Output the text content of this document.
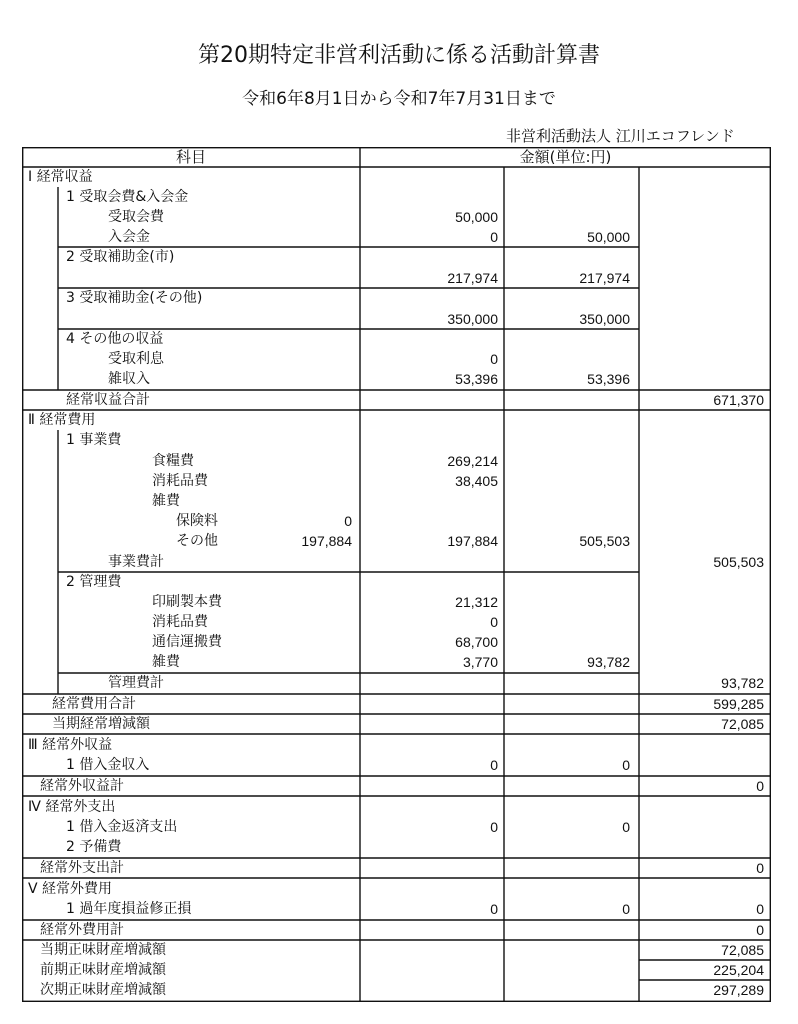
第20期特定非営利活動に係る活動計算書
令和6年8月1日から令和7年7月31日まで
非営利活動法人 江川エコフレンド
科目	金額(単位:円)
Ⅰ 経常収益
1 受取会費&入会金
受取会費	50,000
入会金	0	50,000
2 受取補助金(市)
217,974	217,974
3 受取補助金(その他)
350,000	350,000
4 その他の収益
受取利息	0
雑収入	53,396	53,396
経常収益合計	671,370
Ⅱ 経常費用
1 事業費
食糧費	269,214
消耗品費	38,405
雑費
保険料	0
その他	197,884	197,884	505,503
事業費計	505,503
2 管理費
印刷製本費	21,312
消耗品費	0
通信運搬費	68,700
雑費	3,770	93,782
管理費計	93,782
経常費用合計	599,285
当期経常増減額	72,085
Ⅲ 経常外収益
1 借入金収入	0	0
経常外収益計	0
Ⅳ 経常外支出
1 借入金返済支出	0	0
2 予備費
経常外支出計	0
Ⅴ 経常外費用
1 過年度損益修正損	0	0	0
経常外費用計	0
当期正味財産増減額	72,085
前期正味財産増減額	225,204
次期正味財産増減額	297,289
